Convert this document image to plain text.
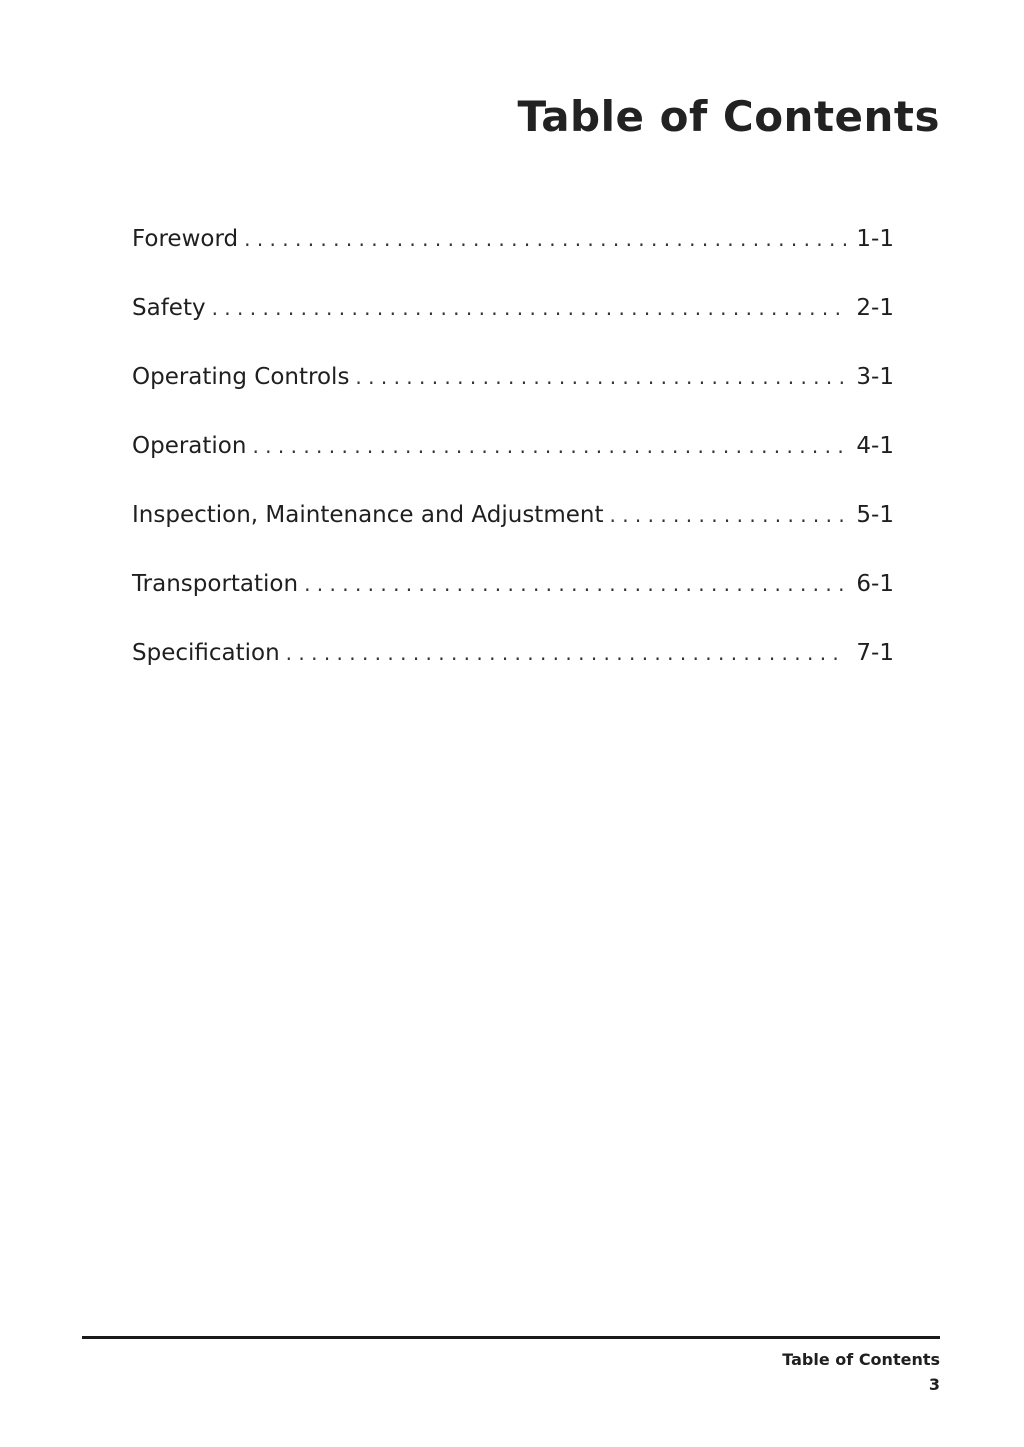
Table of Contents
Foreword . . .	1-1
Safety . . .	2-1
Operating Controls . . .	3-1
Operation . . .	4-1
Inspection, Maintenance and Adjustment . . .	5-1
Transportation . . .	6-1
Specification . . .	7-1
Table of Contents
3
